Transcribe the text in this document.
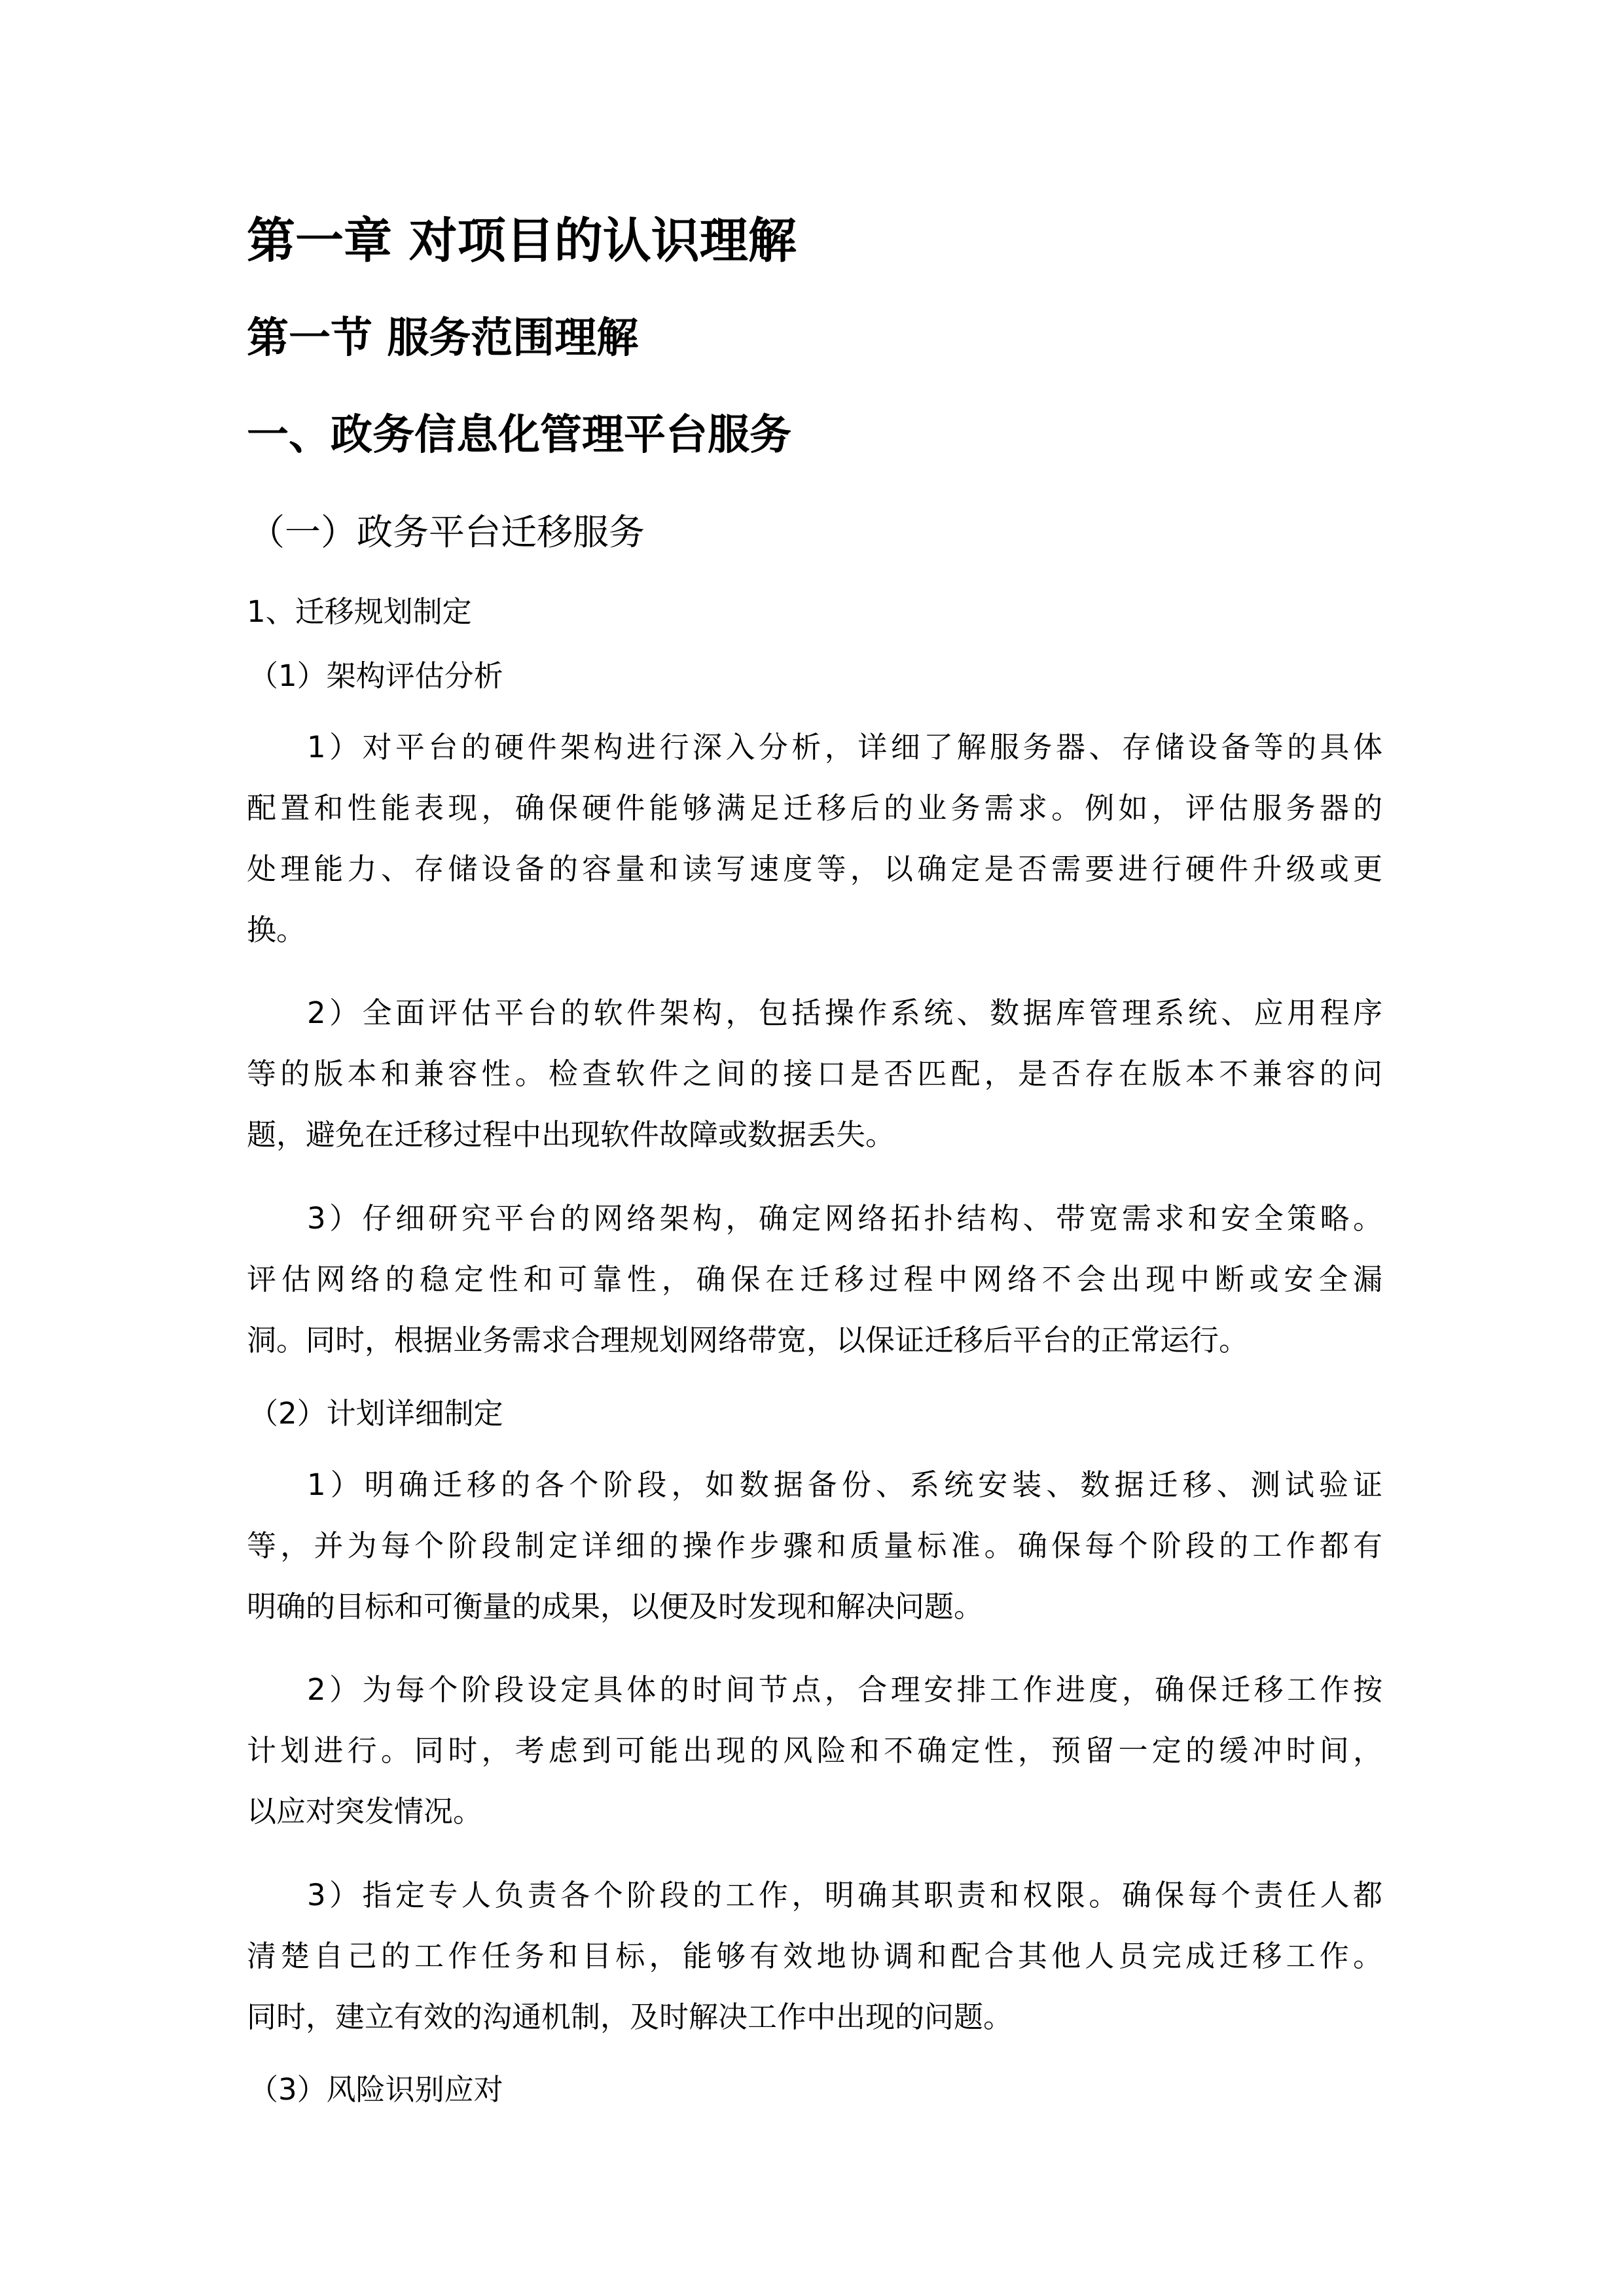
第一章 对项目的认识理解
第一节 服务范围理解
一、政务信息化管理平台服务
（一）政务平台迁移服务
1、迁移规划制定
（1）架构评估分析
1）对平台的硬件架构进行深入分析，详细了解服务器、存储设备等的具体
配置和性能表现，确保硬件能够满足迁移后的业务需求。例如，评估服务器的
处理能力、存储设备的容量和读写速度等，以确定是否需要进行硬件升级或更
换。
2）全面评估平台的软件架构，包括操作系统、数据库管理系统、应用程序
等的版本和兼容性。检查软件之间的接口是否匹配，是否存在版本不兼容的问
题，避免在迁移过程中出现软件故障或数据丢失。
3）仔细研究平台的网络架构，确定网络拓扑结构、带宽需求和安全策略。
评估网络的稳定性和可靠性，确保在迁移过程中网络不会出现中断或安全漏
洞。同时，根据业务需求合理规划网络带宽，以保证迁移后平台的正常运行。
（2）计划详细制定
1）明确迁移的各个阶段，如数据备份、系统安装、数据迁移、测试验证
等，并为每个阶段制定详细的操作步骤和质量标准。确保每个阶段的工作都有
明确的目标和可衡量的成果，以便及时发现和解决问题。
2）为每个阶段设定具体的时间节点，合理安排工作进度，确保迁移工作按
计划进行。同时，考虑到可能出现的风险和不确定性，预留一定的缓冲时间，
以应对突发情况。
3）指定专人负责各个阶段的工作，明确其职责和权限。确保每个责任人都
清楚自己的工作任务和目标，能够有效地协调和配合其他人员完成迁移工作。
同时，建立有效的沟通机制，及时解决工作中出现的问题。
（3）风险识别应对
